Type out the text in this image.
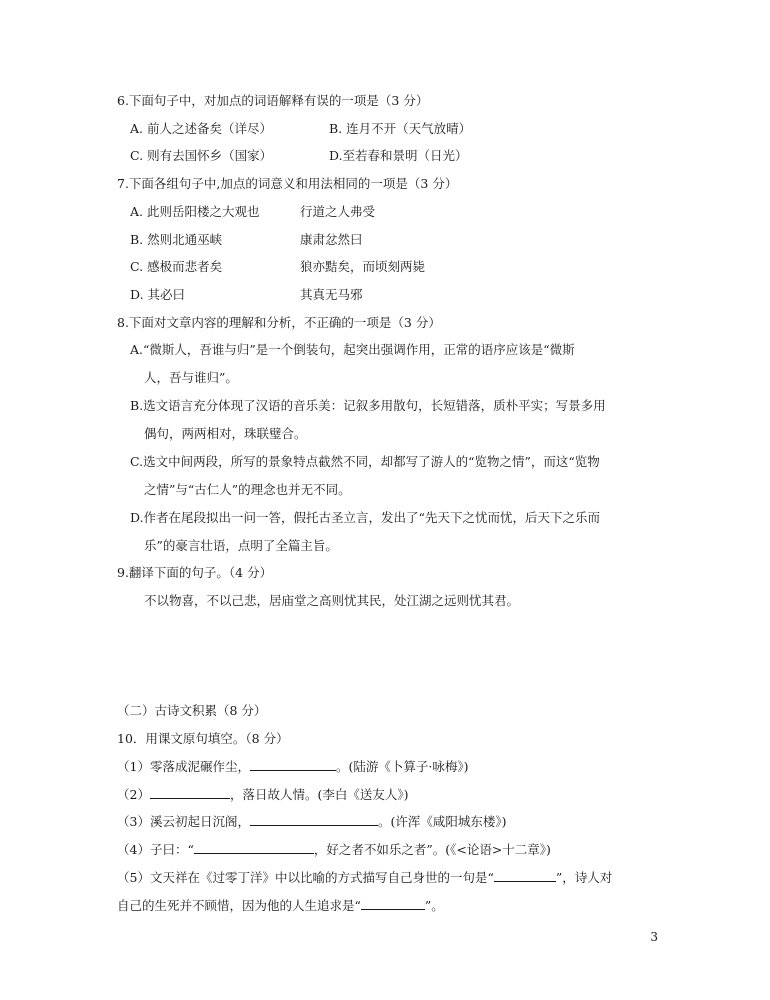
6.下面句子中，对加点的词语解释有误的一项是（3 分）
A. 前人之述备矣（详尽）	B. 连月不开（天气放晴）
C. 则有去国怀乡（国家）	D.至若春和景明（日光）
7.下面各组句子中,加点的词意义和用法相同的一项是（3 分）
A. 此则岳阳楼之大观也	行道之人弗受
B. 然则北通巫峡	康肃忿然曰
C. 感极而悲者矣	狼亦黠矣，而顷刻两毙
D. 其必曰	其真无马邪
8.下面对文章内容的理解和分析，不正确的一项是（3 分）
A.“微斯人，吾谁与归”是一个倒装句，起突出强调作用，正常的语序应该是“微斯
人，吾与谁归”。
B.选文语言充分体现了汉语的音乐美：记叙多用散句，长短错落，质朴平实；写景多用
偶句，两两相对，珠联璧合。
C.选文中间两段，所写的景象特点截然不同，却都写了游人的“览物之情”，而这“览物
之情”与“古仁人”的理念也并无不同。
D.作者在尾段拟出一问一答，假托古圣立言，发出了“先天下之忧而忧，后天下之乐而
乐”的豪言壮语，点明了全篇主旨。
9.翻译下面的句子。（4 分）
不以物喜，不以己悲，居庙堂之高则忧其民，处江湖之远则忧其君。
（二）古诗文积累（8 分）
10．用课文原句填空。（8 分）
（1）零落成泥碾作尘，	。(陆游《卜算子·咏梅》)
（2）	，落日故人情。(李白《送友人》)
（3）溪云初起日沉阁，	。(许浑《咸阳城东楼》)
（4）子曰：“	，好之者不如乐之者”。(《<论语>十二章》)
（5）文天祥在《过零丁洋》中以比喻的方式描写自己身世的一句是“	”，诗人对
自己的生死并不顾惜，因为他的人生追求是“	”。
3
